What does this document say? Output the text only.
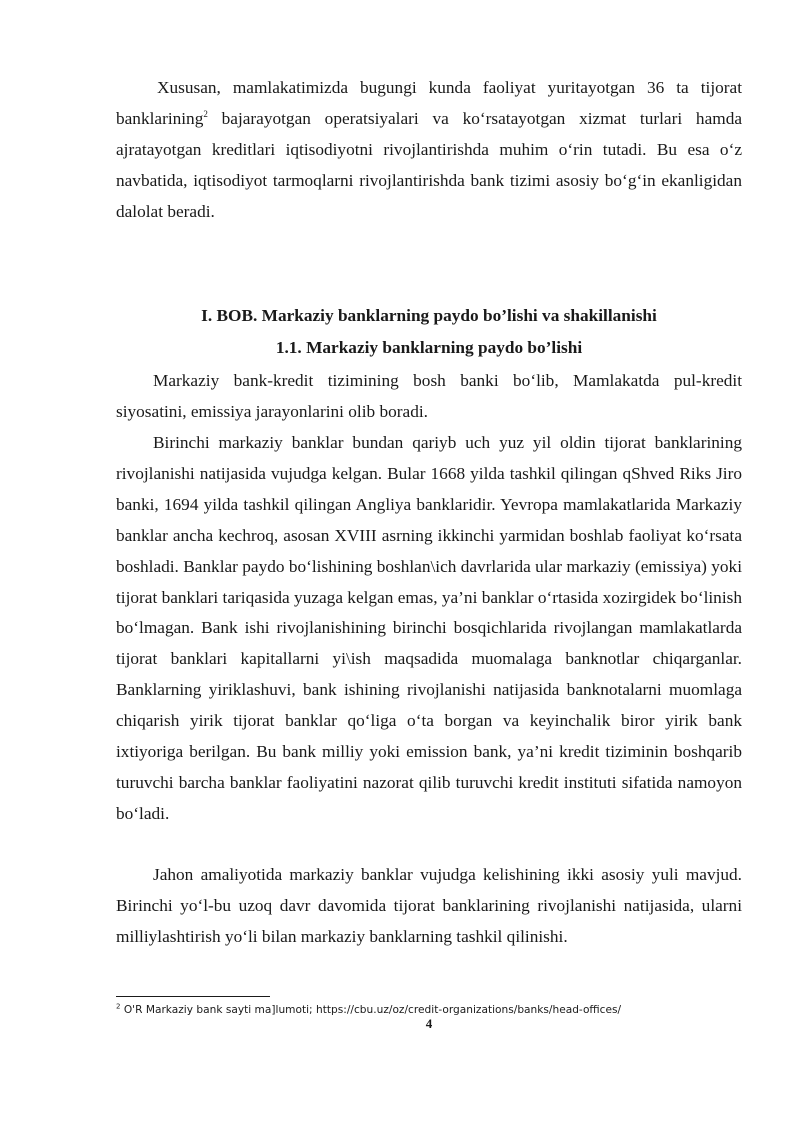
Xususan, mamlakatimizda bugungi kunda faoliyat yuritayotgan 36 ta tijorat banklarining$^2$ bajarayotgan operatsiyalari va koʻrsatayotgan xizmat turlari hamda ajratayotgan kreditlari iqtisodiyotni rivojlantirishda muhim oʻrin tutadi. Bu esa oʻz navbatida, iqtisodiyot tarmoqlarni rivojlantirishda bank tizimi asosiy boʻgʻin ekanligidan dalolat beradi.

I. BOB. Markaziy banklarning paydo bo’lishi va shakillanishi
1.1. Markaziy banklarning paydo bo’lishi

Markaziy bank-kredit tizimining bosh banki boʻlib, Mamlakatda pul-kredit siyosatini, emissiya jarayonlarini olib boradi.

Birinchi markaziy banklar bundan qariyb uch yuz yil oldin tijorat banklarining rivojlanishi natijasida vujudga kelgan. Bular 1668 yilda tashkil qilingan qShved Riks Jiro banki, 1694 yilda tashkil qilingan Angliya banklaridir. Yevropa mamlakatlarida Markaziy banklar ancha kechroq, asosan XVIII asrning ikkinchi yarmidan boshlab faoliyat koʻrsata boshladi. Banklar paydo boʻlishining boshlan\ich davrlarida ular markaziy (emissiya) yoki tijorat banklari tariqasida yuzaga kelgan emas, ya’ni banklar oʻrtasida xozirgidek boʻlinish boʻlmagan. Bank ishi rivojlanishining birinchi bosqichlarida rivojlangan mamlakatlarda tijorat banklari kapitallarni yi\ish maqsadida muomalaga banknotlar chiqarganlar. Banklarning yiriklashuvi, bank ishining rivojlanishi natijasida banknotalarni muomlaga chiqarish yirik tijorat banklar qoʻliga oʻta borgan va keyinchalik biror yirik bank ixtiyoriga berilgan. Bu bank milliy yoki emission bank, ya’ni kredit tiziminin boshqarib turuvchi barcha banklar faoliyatini nazorat qilib turuvchi kredit instituti sifatida namoyon boʻladi.

Jahon amaliyotida markaziy banklar vujudga kelishining ikki asosiy yuli mavjud. Birinchi yoʻl-bu uzoq davr davomida tijorat banklarining rivojlanishi natijasida, ularni milliylashtirish yoʻli bilan markaziy banklarning tashkil qilinishi.

$^2$ O'R Markaziy bank sayti ma]lumoti; https://cbu.uz/oz/credit-organizations/banks/head-offices/

4
